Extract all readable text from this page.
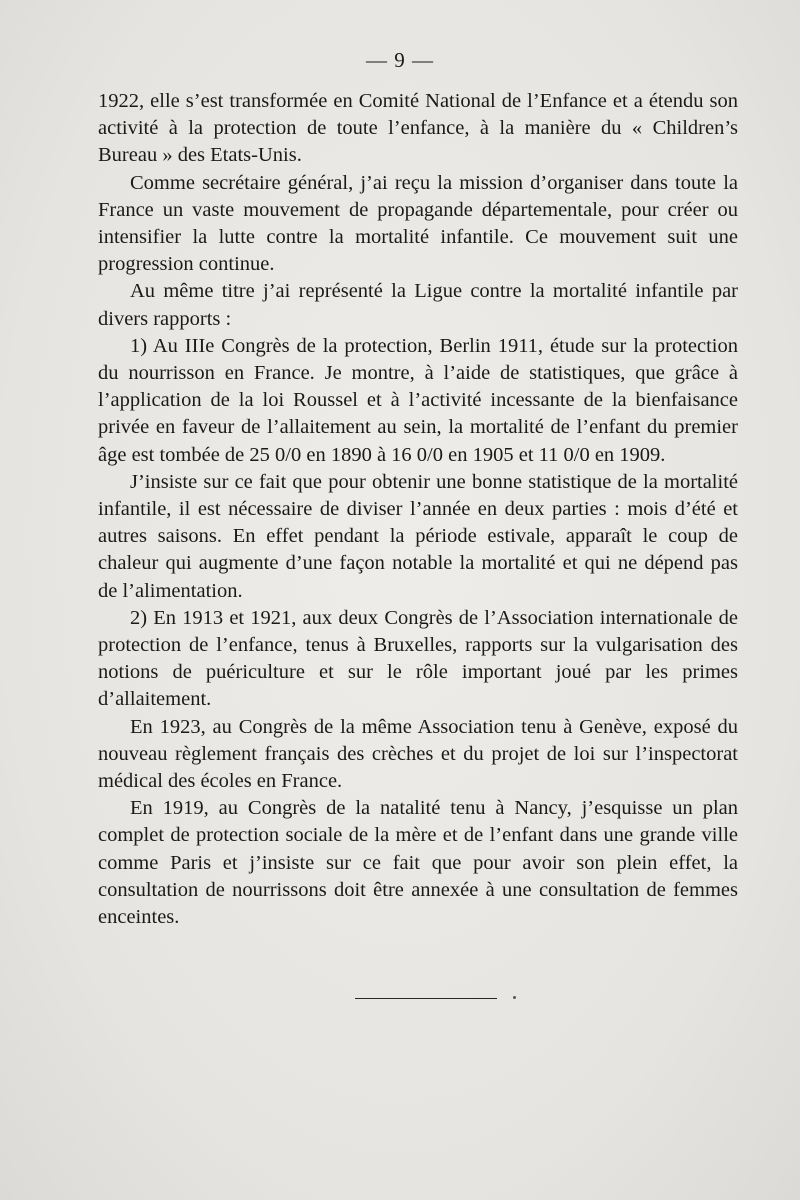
— 9 —

1922, elle s’est transformée en Comité National de l’Enfance et a étendu son activité à la protection de toute l’enfance, à la manière du « Children’s Bureau » des Etats-Unis.

Comme secrétaire général, j’ai reçu la mission d’organiser dans toute la France un vaste mouvement de propagande départementale, pour créer ou intensifier la lutte contre la mortalité infantile. Ce mouvement suit une progression continue.

Au même titre j’ai représenté la Ligue contre la mortalité infantile par divers rapports :

1) Au IIIe Congrès de la protection, Berlin 1911, étude sur la protection du nourrisson en France. Je montre, à l’aide de statistiques, que grâce à l’application de la loi Roussel et à l’activité incessante de la bienfaisance privée en faveur de l’allaitement au sein, la mortalité de l’enfant du premier âge est tombée de 25 0/0 en 1890 à 16 0/0 en 1905 et 11 0/0 en 1909.

J’insiste sur ce fait que pour obtenir une bonne statistique de la mortalité infantile, il est nécessaire de diviser l’année en deux parties : mois d’été et autres saisons. En effet pendant la période estivale, apparaît le coup de chaleur qui augmente d’une façon notable la mortalité et qui ne dépend pas de l’alimentation.

2) En 1913 et 1921, aux deux Congrès de l’Association internationale de protection de l’enfance, tenus à Bruxelles, rapports sur la vulgarisation des notions de puériculture et sur le rôle important joué par les primes d’allaitement.

En 1923, au Congrès de la même Association tenu à Genève, exposé du nouveau règlement français des crèches et du projet de loi sur l’inspectorat médical des écoles en France.

En 1919, au Congrès de la natalité tenu à Nancy, j’esquisse un plan complet de protection sociale de la mère et de l’enfant dans une grande ville comme Paris et j’insiste sur ce fait que pour avoir son plein effet, la consultation de nourrissons doit être annexée à une consultation de femmes enceintes.
